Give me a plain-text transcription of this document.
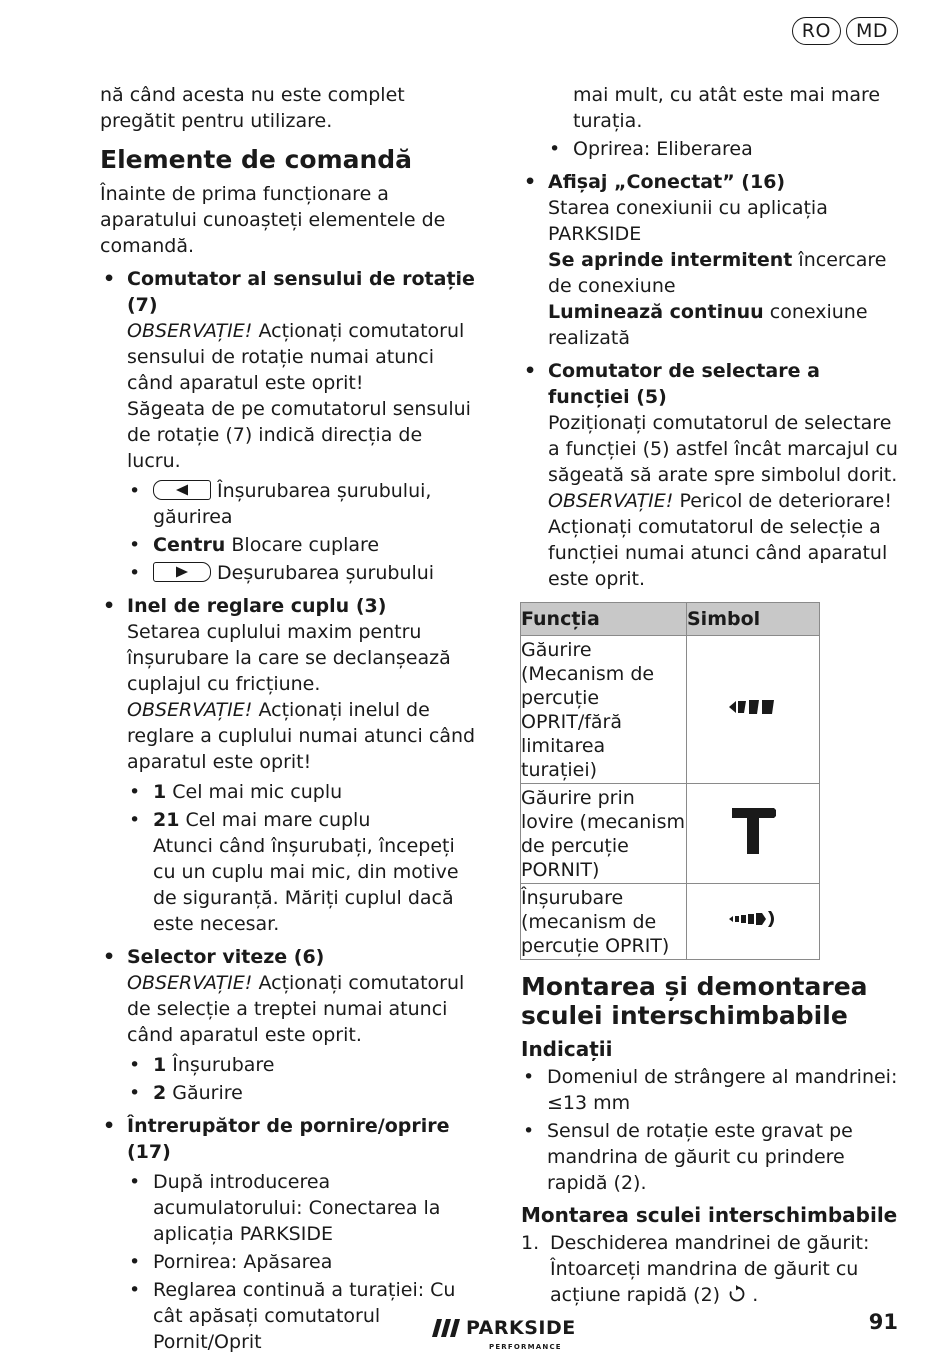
RO	MD

nă când acesta nu este complet pregătit pentru utilizare.

Elemente de comandă

Înainte de prima funcționare a aparatului cunoașteți elementele de comandă.

• Comutator al sensului de rotație (7)
OBSERVAȚIE! Acționați comutatorul sensului de rotație numai atunci când aparatul este oprit!
Săgeata de pe comutatorul sensului de rotație (7) indică direcția de lucru.
• Înșurubarea șurubului, găurirea
• Centru Blocare cuplare
• Deșurubarea șurubului
• Inel de reglare cuplu (3)
Setarea cuplului maxim pentru înșurubare la care se declanșează cuplajul cu fricțiune.
OBSERVAȚIE! Acționați inelul de reglare a cuplului numai atunci când aparatul este oprit!
• 1 Cel mai mic cuplu
• 21 Cel mai mare cuplu
Atunci când înșurubați, începeți cu un cuplu mai mic, din motive de siguranță. Măriți cuplul dacă este necesar.
• Selector viteze (6)
OBSERVAȚIE! Acționați comutatorul de selecție a treptei numai atunci când aparatul este oprit.
• 1 Înșurubare
• 2 Găurire
• Întrerupător de pornire/oprire (17)
• După introducerea acumulatorului: Conectarea la aplicația PARKSIDE
• Pornirea: Apăsarea
• Reglarea continuă a turației: Cu cât apăsați comutatorul Pornit/Oprit
mai mult, cu atât este mai mare turația.
• Oprirea: Eliberarea
• Afișaj „Conectat” (16)
Starea conexiunii cu aplicația PARKSIDE
Se aprinde intermitent încercare de conexiune
Luminează continuu conexiune realizată
• Comutator de selectare a funcției (5)
Poziționați comutatorul de selectare a funcției (5) astfel încât marcajul cu săgeată să arate spre simbolul dorit.
OBSERVAȚIE! Pericol de deteriorare! Acționați comutatorul de selecție a funcției numai atunci când aparatul este oprit.
Funcția	Simbol
Găurire (Mecanism de percuție OPRIT/fără limitarea turației)	
Găurire prin lovire (mecanism de percuție PORNIT)	
Înșurubare (mecanism de percuție OPRIT)	
Montarea și demontarea sculei interschimbabile
Indicații
• Domeniul de strângere al mandrinei: ≤13 mm
• Sensul de rotație este gravat pe mandrina de găurit cu prindere rapidă (2).
Montarea sculei interschimbabile
1. Deschiderea mandrinei de găurit: Întoarceți mandrina de găurit cu acțiune rapidă (2) .
PARKSIDE
PERFORMANCE
91
